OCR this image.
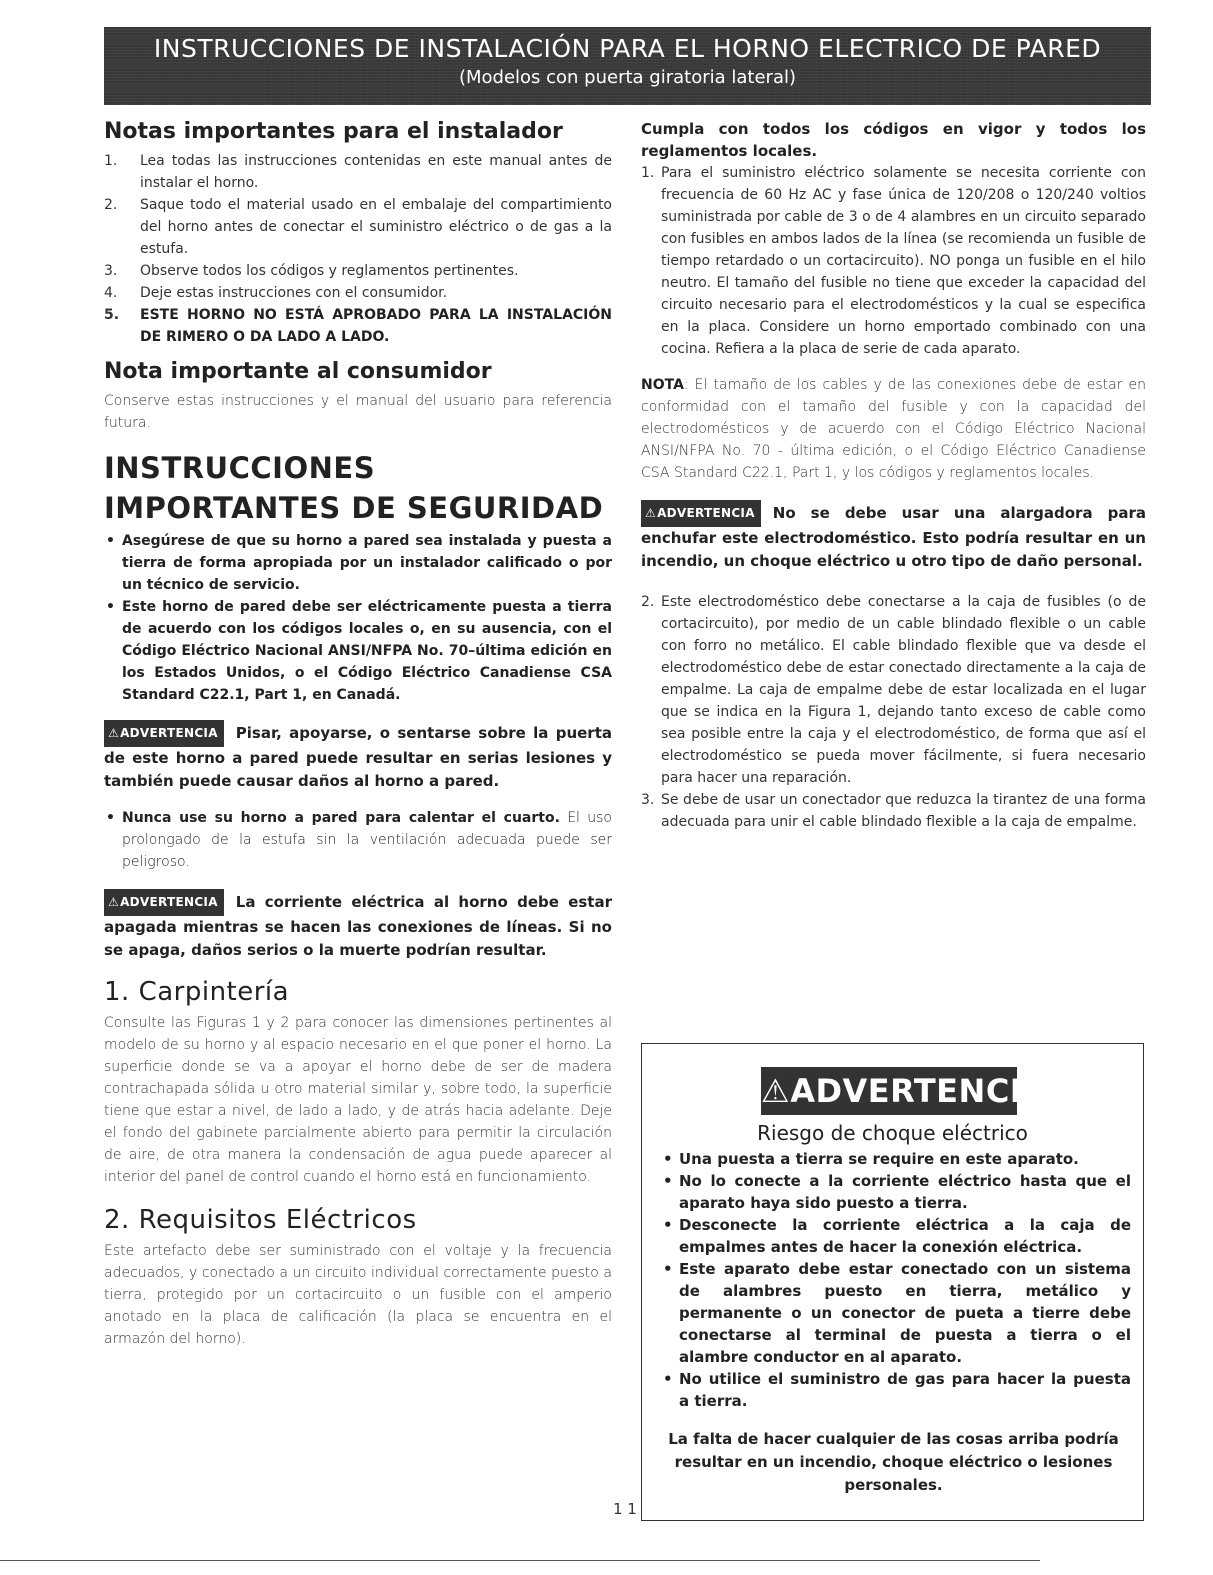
INSTRUCCIONES DE INSTALACIÓN PARA EL HORNO ELECTRICO DE PARED
(Modelos con puerta giratoria lateral)
Notas importantes para el instalador
1. Lea todas las instrucciones contenidas en este manual antes de instalar el horno.
2. Saque todo el material usado en el embalaje del compartimiento del horno antes de conectar el suministro eléctrico o de gas a la estufa.
3. Observe todos los códigos y reglamentos pertinentes.
4. Deje estas instrucciones con el consumidor.
5. ESTE HORNO NO ESTÁ APROBADO PARA LA INSTALACIÓN DE RIMERO O DA LADO A LADO.
Nota importante al consumidor
Conserve estas instrucciones y el manual del usuario para referencia futura.
INSTRUCCIONES
IMPORTANTES DE SEGURIDAD
• Asegúrese de que su horno a pared sea instalada y puesta a tierra de forma apropiada por un instalador calificado o por un técnico de servicio.
• Este horno de pared debe ser eléctricamente puesta a tierra de acuerdo con los códigos locales o, en su ausencia, con el Código Eléctrico Nacional ANSI/NFPA No. 70–última edición en los Estados Unidos, o el Código Eléctrico Canadiense CSA Standard C22.1, Part 1, en Canadá.

⚠ADVERTENCIA Pisar, apoyarse, o sentarse sobre la puerta de este horno a pared puede resultar en serias lesiones y también puede causar daños al horno a pared.

• Nunca use su horno a pared para calentar el cuarto. El uso prolongado de la estufa sin la ventilación adecuada puede ser peligroso.

⚠ADVERTENCIA La corriente eléctrica al horno debe estar apagada mientras se hacen las conexiones de líneas. Si no se apaga, daños serios o la muerte podrían resultar.

1. Carpintería
Consulte las Figuras 1 y 2 para conocer las dimensiones pertinentes al modelo de su horno y al espacio necesario en el que poner el horno. La superficie donde se va a apoyar el horno debe de ser de madera contrachapada sólida u otro material similar y, sobre todo, la superficie tiene que estar a nivel, de lado a lado, y de atrás hacia adelante. Deje el fondo del gabinete parcialmente abierto para permitir la circulación de aire, de otra manera la condensación de agua puede aparecer al interior del panel de control cuando el horno está en funcionamiento.
2. Requisitos Eléctricos
Este artefacto debe ser suministrado con el voltaje y la frecuencia adecuados, y conectado a un circuito individual correctamente puesto a tierra, protegido por un cortacircuito o un fusible con el amperio anotado en la placa de calificación (la placa se encuentra en el armazón del horno).
Cumpla con todos los códigos en vigor y todos los reglamentos locales.
1. Para el suministro eléctrico solamente se necesita corriente con frecuencia de 60 Hz AC y fase única de 120/208 o 120/240 voltios suministrada por cable de 3 o de 4 alambres en un circuito separado con fusibles en ambos lados de la línea (se recomienda un fusible de tiempo retardado o un cortacircuito). NO ponga un fusible en el hilo neutro. El tamaño del fusible no tiene que exceder la capacidad del circuito necesario para el electrodomésticos y la cual se especifica en la placa. Considere un horno emportado combinado con una cocina. Refiera a la placa de serie de cada aparato.
NOTA: El tamaño de los cables y de las conexiones debe de estar en conformidad con el tamaño del fusible y con la capacidad del electrodomésticos y de acuerdo con el Código Eléctrico Nacional ANSI/NFPA No. 70 - última edición, o el Código Eléctrico Canadiense CSA Standard C22.1, Part 1, y los códigos y reglamentos locales.

⚠ADVERTENCIA No se debe usar una alargadora para enchufar este electrodoméstico. Esto podría resultar en un incendio, un choque eléctrico u otro tipo de daño personal.

2. Este electrodoméstico debe conectarse a la caja de fusibles (o de cortacircuito), por medio de un cable blindado flexible o un cable con forro no metálico. El cable blindado flexible que va desde el electrodoméstico debe de estar conectado directamente a la caja de empalme. La caja de empalme debe de estar localizada en el lugar que se indica en la Figura 1, dejando tanto exceso de cable como sea posible entre la caja y el electrodoméstico, de forma que así el electrodoméstico se pueda mover fácilmente, si fuera necesario para hacer una reparación.
3. Se debe de usar un conectador que reduzca la tirantez de una forma adecuada para unir el cable blindado flexible a la caja de empalme.
⚠ADVERTENCIA
Riesgo de choque eléctrico
• Una puesta a tierra se require en este aparato.
• No lo conecte a la corriente eléctrico hasta que el aparato haya sido puesto a tierra.
• Desconecte la corriente eléctrica a la caja de empalmes antes de hacer la conexión eléctrica.
• Este aparato debe estar conectado con un sistema de alambres puesto en tierra, metálico y permanente o un conector de pueta a tierre debe conectarse al terminal de puesta a tierra o el alambre conductor en al aparato.
• No utilice el suministro de gas para hacer la puesta a tierra.
La falta de hacer cualquier de las cosas arriba podría resultar en un incendio, choque eléctrico o lesiones personales.
1 1
